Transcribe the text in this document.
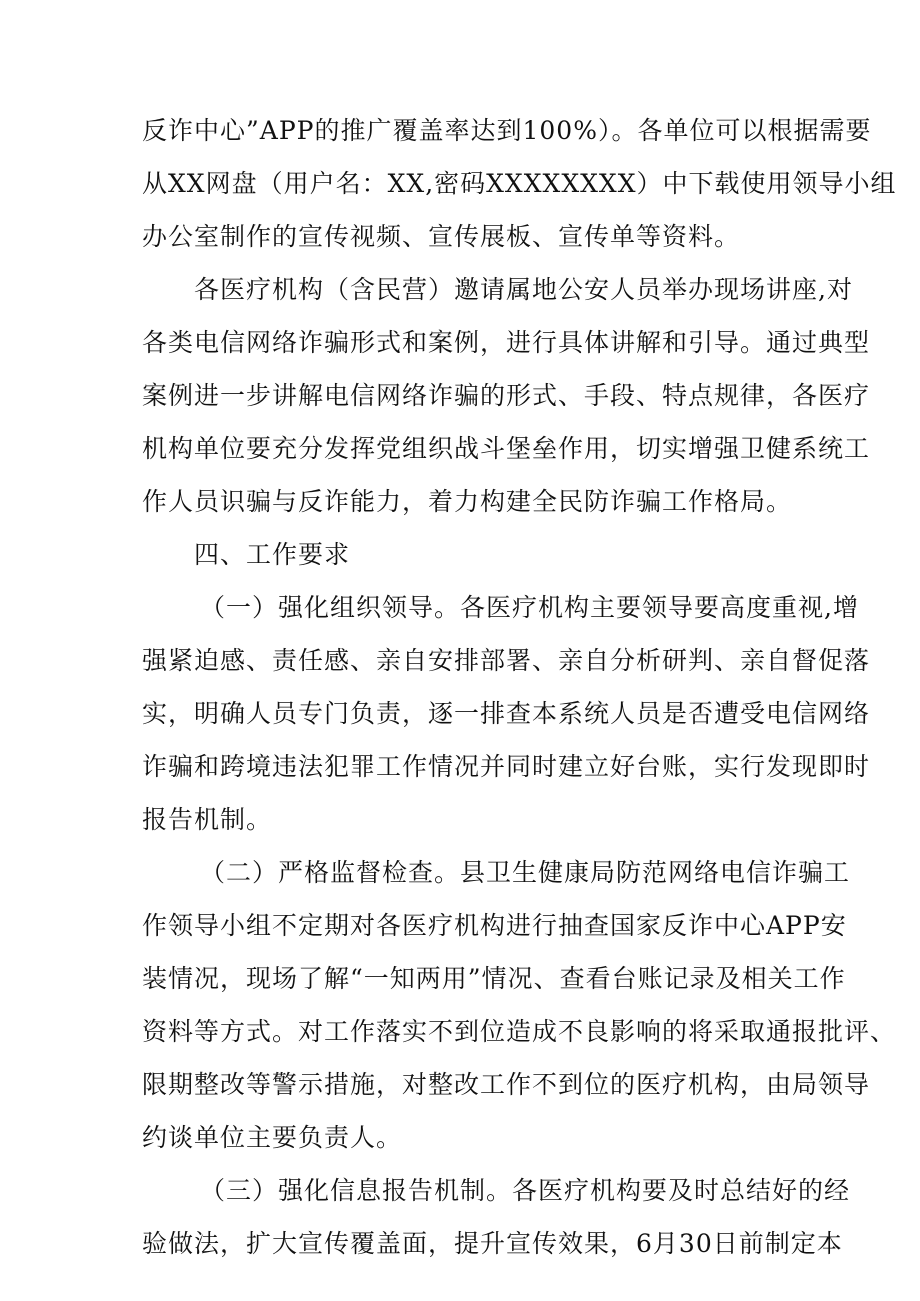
反诈中心”APP的推广覆盖率达到100%）。各单位可以根据需要
从XX网盘（用户名：XX,密码XXXXXXXX）中下载使用领导小组
办公室制作的宣传视频、宣传展板、宣传单等资料。
各医疗机构（含民营）邀请属地公安人员举办现场讲座,对
各类电信网络诈骗形式和案例，进行具体讲解和引导。通过典型
案例进一步讲解电信网络诈骗的形式、手段、特点规律，各医疗
机构单位要充分发挥党组织战斗堡垒作用，切实增强卫健系统工
作人员识骗与反诈能力，着力构建全民防诈骗工作格局。
四、工作要求
（一）强化组织领导。各医疗机构主要领导要高度重视,增
强紧迫感、责任感、亲自安排部署、亲自分析研判、亲自督促落
实，明确人员专门负责，逐一排查本系统人员是否遭受电信网络
诈骗和跨境违法犯罪工作情况并同时建立好台账，实行发现即时
报告机制。
（二）严格监督检查。县卫生健康局防范网络电信诈骗工
作领导小组不定期对各医疗机构进行抽查国家反诈中心APP安
装情况，现场了解“一知两用”情况、查看台账记录及相关工作
资料等方式。对工作落实不到位造成不良影响的将采取通报批评、
限期整改等警示措施，对整改工作不到位的医疗机构，由局领导
约谈单位主要负责人。
（三）强化信息报告机制。各医疗机构要及时总结好的经
验做法，扩大宣传覆盖面，提升宣传效果，6月30日前制定本
